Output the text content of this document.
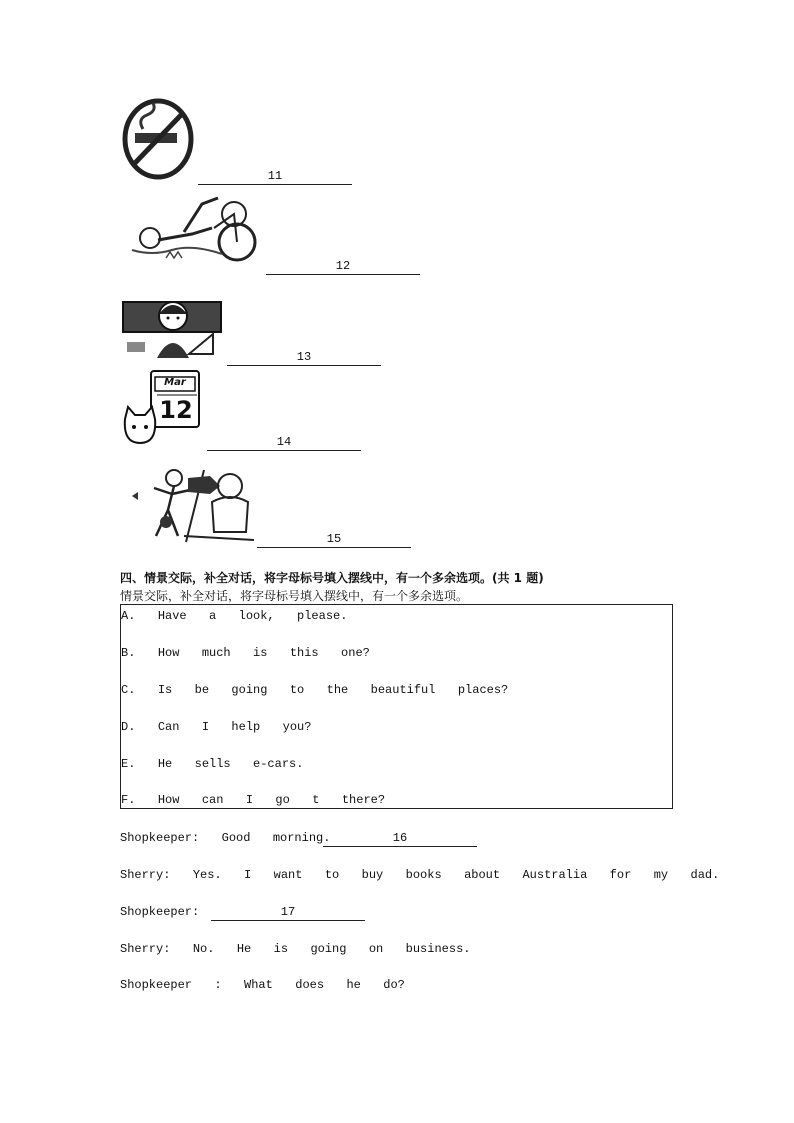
11
12
13
Mar
12
14
15
四、情景交际，补全对话，将字母标号填入摆线中，有一个多余选项。(共 1 题)
情景交际，补全对话，将字母标号填入摆线中，有一个多余选项。
A. Have  a  look,  please.
B. How  much  is  this  one?
C. Is  be  going  to  the  beautiful  places?
D. Can  I  help  you?
E. He  sells  e-cars.
F. How  can  I  go  t  there?
Shopkeeper: Good  morning.	16
Sherry: Yes.  I  want  to  buy  books  about  Australia  for  my  dad.
Shopkeeper:	17
Sherry: No.  He  is  going  on  business.
Shopkeeper  : What  does  he  do?
